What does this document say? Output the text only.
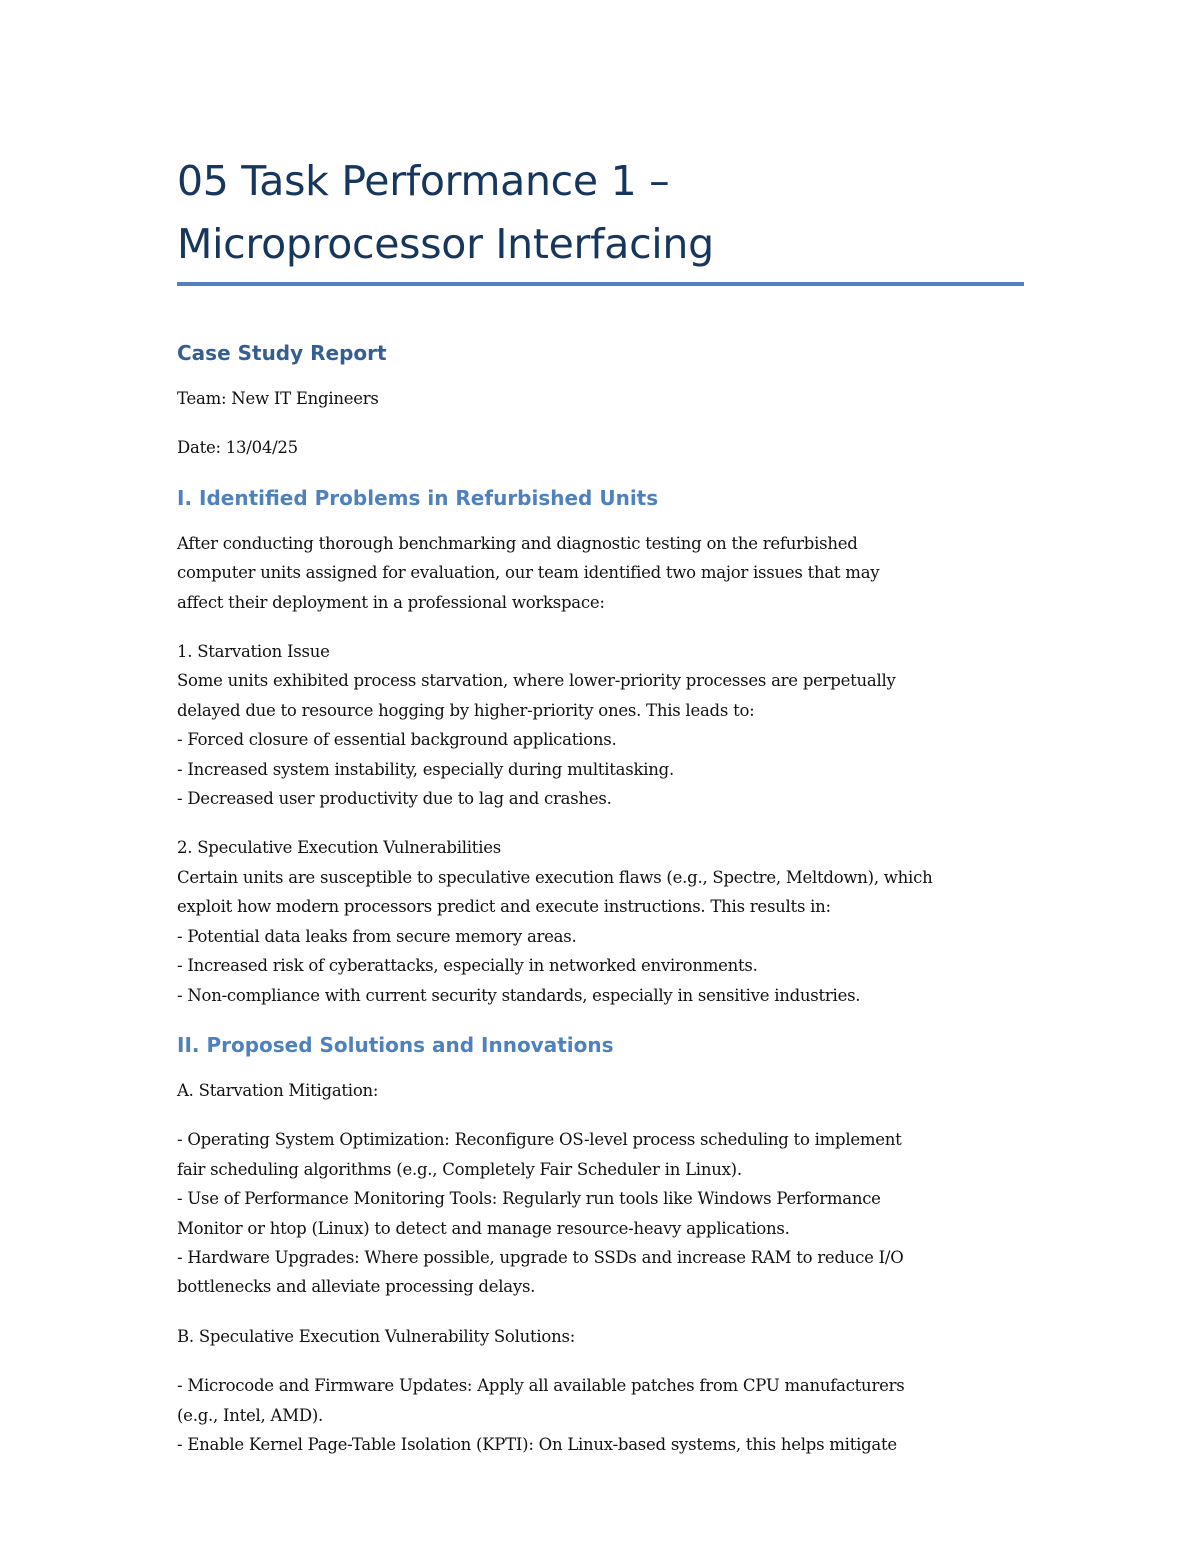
05 Task Performance 1 –
Microprocessor Interfacing
Case Study Report

Team: New IT Engineers

Date: 13/04/25

I. Identified Problems in Refurbished Units

After conducting thorough benchmarking and diagnostic testing on the refurbished

computer units assigned for evaluation, our team identified two major issues that may

affect their deployment in a professional workspace:

1. Starvation Issue

Some units exhibited process starvation, where lower-priority processes are perpetually

delayed due to resource hogging by higher-priority ones. This leads to:

- Forced closure of essential background applications.

- Increased system instability, especially during multitasking.

- Decreased user productivity due to lag and crashes.

2. Speculative Execution Vulnerabilities

Certain units are susceptible to speculative execution flaws (e.g., Spectre, Meltdown), which

exploit how modern processors predict and execute instructions. This results in:

- Potential data leaks from secure memory areas.

- Increased risk of cyberattacks, especially in networked environments.

- Non-compliance with current security standards, especially in sensitive industries.

II. Proposed Solutions and Innovations

A. Starvation Mitigation:

- Operating System Optimization: Reconfigure OS-level process scheduling to implement

fair scheduling algorithms (e.g., Completely Fair Scheduler in Linux).

- Use of Performance Monitoring Tools: Regularly run tools like Windows Performance

Monitor or htop (Linux) to detect and manage resource-heavy applications.

- Hardware Upgrades: Where possible, upgrade to SSDs and increase RAM to reduce I/O

bottlenecks and alleviate processing delays.

B. Speculative Execution Vulnerability Solutions:

- Microcode and Firmware Updates: Apply all available patches from CPU manufacturers

(e.g., Intel, AMD).

- Enable Kernel Page-Table Isolation (KPTI): On Linux-based systems, this helps mitigate
